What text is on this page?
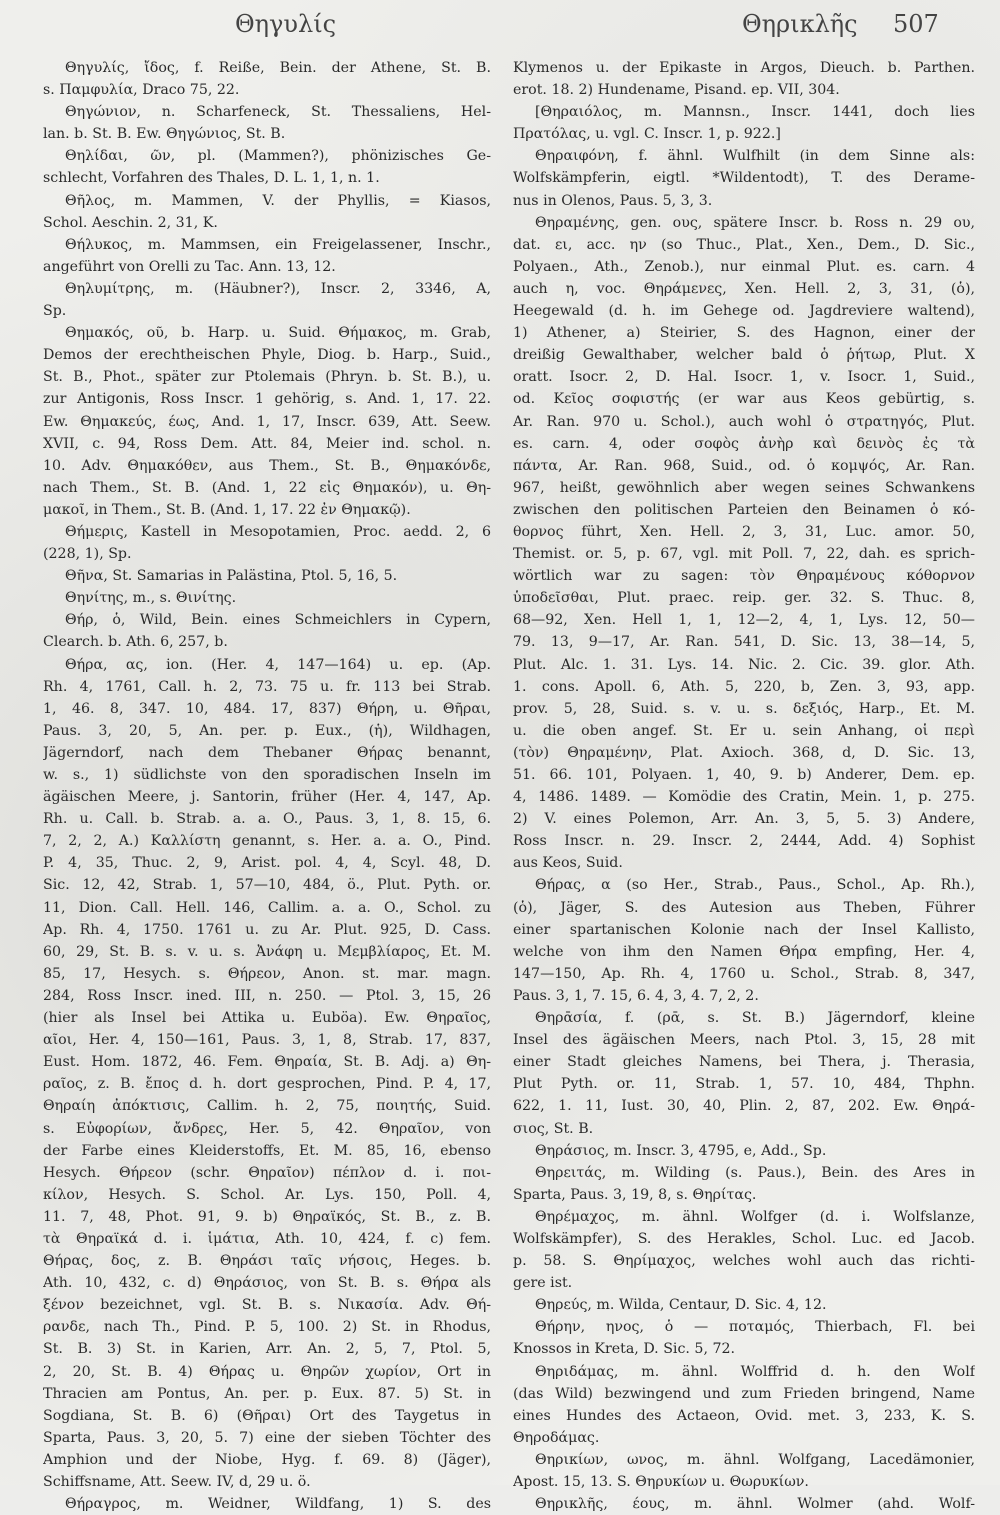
Θηγυλίς	Θηρικλῆς 507
Θηγυλίς, ἴδος, f. Reiße, Bein. der Athene, St. B.
s. Παμφυλία, Draco 75, 22.
Θηγώνιον, n. Scharfeneck, St. Thessaliens, Hel-
lan. b. St. B. Ew. Θηγώνιος, St. B.
Θηλίδαι, ῶν, pl. (Mammen?), phönizisches Ge-
schlecht, Vorfahren des Thales, D. L. 1, 1, n. 1.
Θῆλος, m. Mammen, V. der Phyllis, = Kiasos,
Schol. Aeschin. 2, 31, K.
Θήλυκος, m. Mammsen, ein Freigelassener, Inschr.,
angeführt von Orelli zu Tac. Ann. 13, 12.
Θηλυμίτρης, m. (Häubner?), Inscr. 2, 3346, A,
Sp.
Θημακός, οῦ, b. Harp. u. Suid. Θήμακος, m. Grab,
Demos der erechtheischen Phyle, Diog. b. Harp., Suid.,
St. B., Phot., später zur Ptolemais (Phryn. b. St. B.), u.
zur Antigonis, Ross Inscr. 1 gehörig, s. And. 1, 17. 22.
Ew. Θημακεύς, έως, And. 1, 17, Inscr. 639, Att. Seew.
XVII, c. 94, Ross Dem. Att. 84, Meier ind. schol. n.
10. Adv. Θημακόθεν, aus Them., St. B., Θημακόνδε,
nach Them., St. B. (And. 1, 22 εἰς Θημακόν), u. Θη-
μακοῖ, in Them., St. B. (And. 1, 17. 22 ἐν Θημακῷ).
Θήμερις, Kastell in Mesopotamien, Proc. aedd. 2, 6
(228, 1), Sp.
Θῆνα, St. Samarias in Palästina, Ptol. 5, 16, 5.
Θηνίτης, m., s. Θινίτης.
Θήρ, ὁ, Wild, Bein. eines Schmeichlers in Cypern,
Clearch. b. Ath. 6, 257, b.
Θήρα, ας, ion. (Her. 4, 147—164) u. ep. (Ap.
Rh. 4, 1761, Call. h. 2, 73. 75 u. fr. 113 bei Strab.
1, 46. 8, 347. 10, 484. 17, 837) Θήρη, u. Θῆραι,
Paus. 3, 20, 5, An. per. p. Eux., (ἡ), Wildhagen,
Jägerndorf, nach dem Thebaner Θήρας benannt,
w. s., 1) südlichste von den sporadischen Inseln im
ägäischen Meere, j. Santorin, früher (Her. 4, 147, Ap.
Rh. u. Call. b. Strab. a. a. O., Paus. 3, 1, 8. 15, 6.
7, 2, 2, A.) Καλλίστη genannt, s. Her. a. a. O., Pind.
P. 4, 35, Thuc. 2, 9, Arist. pol. 4, 4, Scyl. 48, D.
Sic. 12, 42, Strab. 1, 57—10, 484, ö., Plut. Pyth. or.
11, Dion. Call. Hell. 146, Callim. a. a. O., Schol. zu
Ap. Rh. 4, 1750. 1761 u. zu Ar. Plut. 925, D. Cass.
60, 29, St. B. s. v. u. s. Ἀνάφη u. Μεμβλίαρος, Et. M.
85, 17, Hesych. s. Θήρεον, Anon. st. mar. magn.
284, Ross Inscr. ined. III, n. 250. — Ptol. 3, 15, 26
(hier als Insel bei Attika u. Euböa). Ew. Θηραῖος,
αῖοι, Her. 4, 150—161, Paus. 3, 1, 8, Strab. 17, 837,
Eust. Hom. 1872, 46. Fem. Θηραία, St. B. Adj. a) Θη-
ραῖος, z. B. ἔπος d. h. dort gesprochen, Pind. P. 4, 17,
Θηραίη ἀπόκτισις, Callim. h. 2, 75, ποιητής, Suid.
s. Εὐφορίων, ἄνδρες, Her. 5, 42. Θηραῖον, von
der Farbe eines Kleiderstoffs, Et. M. 85, 16, ebenso
Hesych. Θήρεον (schr. Θηραῖον) πέπλον d. i. ποι-
κίλον, Hesych. S. Schol. Ar. Lys. 150, Poll. 4,
11. 7, 48, Phot. 91, 9. b) Θηραϊκός, St. B., z. B.
τὰ Θηραϊκά d. i. ἱμάτια, Ath. 10, 424, f. c) fem.
Θήρας, δος, z. B. Θηράσι ταῖς νήσοις, Heges. b.
Ath. 10, 432, c. d) Θηράσιος, von St. B. s. Θήρα als
ξένον bezeichnet, vgl. St. B. s. Νικασία. Adv. Θή-
ρανδε, nach Th., Pind. P. 5, 100. 2) St. in Rhodus,
St. B. 3) St. in Karien, Arr. An. 2, 5, 7, Ptol. 5,
2, 20, St. B. 4) Θήρας u. Θηρῶν χωρίον, Ort in
Thracien am Pontus, An. per. p. Eux. 87. 5) St. in
Sogdiana, St. B. 6) (Θῆραι) Ort des Taygetus in
Sparta, Paus. 3, 20, 5. 7) eine der sieben Töchter des
Amphion und der Niobe, Hyg. f. 69. 8) (Jäger),
Schiffsname, Att. Seew. IV, d, 29 u. ö.
Θήραγρος, m. Weidner, Wildfang, 1) S. des
Klymenos u. der Epikaste in Argos, Dieuch. b. Parthen.
erot. 18. 2) Hundename, Pisand. ep. VII, 304.
[Θηραιόλος, m. Mannsn., Inscr. 1441, doch lies
Πρατόλας, u. vgl. C. Inscr. 1, p. 922.]
Θηραιφόνη, f. ähnl. Wulfhilt (in dem Sinne als:
Wolfskämpferin, eigtl. *Wildentodt), T. des Derame-
nus in Olenos, Paus. 5, 3, 3.
Θηραμένης, gen. ους, spätere Inscr. b. Ross n. 29 ου,
dat. ει, acc. ην (so Thuc., Plat., Xen., Dem., D. Sic.,
Polyaen., Ath., Zenob.), nur einmal Plut. es. carn. 4
auch η, voc. Θηράμενες, Xen. Hell. 2, 3, 31, (ὁ),
Heegewald (d. h. im Gehege od. Jagdreviere waltend),
1) Athener, a) Steirier, S. des Hagnon, einer der
dreißig Gewalthaber, welcher bald ὁ ῥήτωρ, Plut. X
oratt. Isocr. 2, D. Hal. Isocr. 1, v. Isocr. 1, Suid.,
od. Κεῖος σοφιστής (er war aus Keos gebürtig, s.
Ar. Ran. 970 u. Schol.), auch wohl ὁ στρατηγός, Plut.
es. carn. 4, oder σοφὸς ἀνὴρ καὶ δεινὸς ἐς τὰ
πάντα, Ar. Ran. 968, Suid., od. ὁ κομψός, Ar. Ran.
967, heißt, gewöhnlich aber wegen seines Schwankens
zwischen den politischen Parteien den Beinamen ὁ κό-
θορνος führt, Xen. Hell. 2, 3, 31, Luc. amor. 50,
Themist. or. 5, p. 67, vgl. mit Poll. 7, 22, dah. es sprich-
wörtlich war zu sagen: τὸν Θηραμένους κόθορνον
ὑποδεῖσθαι, Plut. praec. reip. ger. 32. S. Thuc. 8,
68—92, Xen. Hell 1, 1, 12—2, 4, 1, Lys. 12, 50—
79. 13, 9—17, Ar. Ran. 541, D. Sic. 13, 38—14, 5,
Plut. Alc. 1. 31. Lys. 14. Nic. 2. Cic. 39. glor. Ath.
1. cons. Apoll. 6, Ath. 5, 220, b, Zen. 3, 93, app.
prov. 5, 28, Suid. s. v. u. s. δεξιός, Harp., Et. M.
u. die oben angef. St. Er u. sein Anhang, οἱ περὶ
(τὸν) Θηραμένην, Plat. Axioch. 368, d, D. Sic. 13,
51. 66. 101, Polyaen. 1, 40, 9. b) Anderer, Dem. ep.
4, 1486. 1489. — Komödie des Cratin, Mein. 1, p. 275.
2) V. eines Polemon, Arr. An. 3, 5, 5. 3) Andere,
Ross Inscr. n. 29. Inscr. 2, 2444, Add. 4) Sophist
aus Keos, Suid.
Θήρας, α (so Her., Strab., Paus., Schol., Ap. Rh.),
(ὁ), Jäger, S. des Autesion aus Theben, Führer
einer spartanischen Kolonie nach der Insel Kallisto,
welche von ihm den Namen Θήρα empfing, Her. 4,
147—150, Ap. Rh. 4, 1760 u. Schol., Strab. 8, 347,
Paus. 3, 1, 7. 15, 6. 4, 3, 4. 7, 2, 2.
Θηρᾱσία, f. (ρᾱ, s. St. B.) Jägerndorf, kleine
Insel des ägäischen Meers, nach Ptol. 3, 15, 28 mit
einer Stadt gleiches Namens, bei Thera, j. Therasia,
Plut Pyth. or. 11, Strab. 1, 57. 10, 484, Thphn.
622, 1. 11, Iust. 30, 40, Plin. 2, 87, 202. Ew. Θηρά-
σιος, St. B.
Θηράσιος, m. Inscr. 3, 4795, e, Add., Sp.
Θηρειτάς, m. Wilding (s. Paus.), Bein. des Ares in
Sparta, Paus. 3, 19, 8, s. Θηρίτας.
Θηρέμαχος, m. ähnl. Wolfger (d. i. Wolfslanze,
Wolfskämpfer), S. des Herakles, Schol. Luc. ed Jacob.
p. 58. S. Θηρίμαχος, welches wohl auch das richti-
gere ist.
Θηρεύς, m. Wilda, Centaur, D. Sic. 4, 12.
Θήρην, ηνος, ὁ — ποταμός, Thierbach, Fl. bei
Knossos in Kreta, D. Sic. 5, 72.
Θηριδάμας, m. ähnl. Wolffrid d. h. den Wolf
(das Wild) bezwingend und zum Frieden bringend, Name
eines Hundes des Actaeon, Ovid. met. 3, 233, K. S.
Θηροδάμας.
Θηρικίων, ωνος, m. ähnl. Wolfgang, Lacedämonier,
Apost. 15, 13. S. Θηρυκίων u. Θωρυκίων.
Θηρικλῆς, έους, m. ähnl. Wolmer (ahd. Wolf-
